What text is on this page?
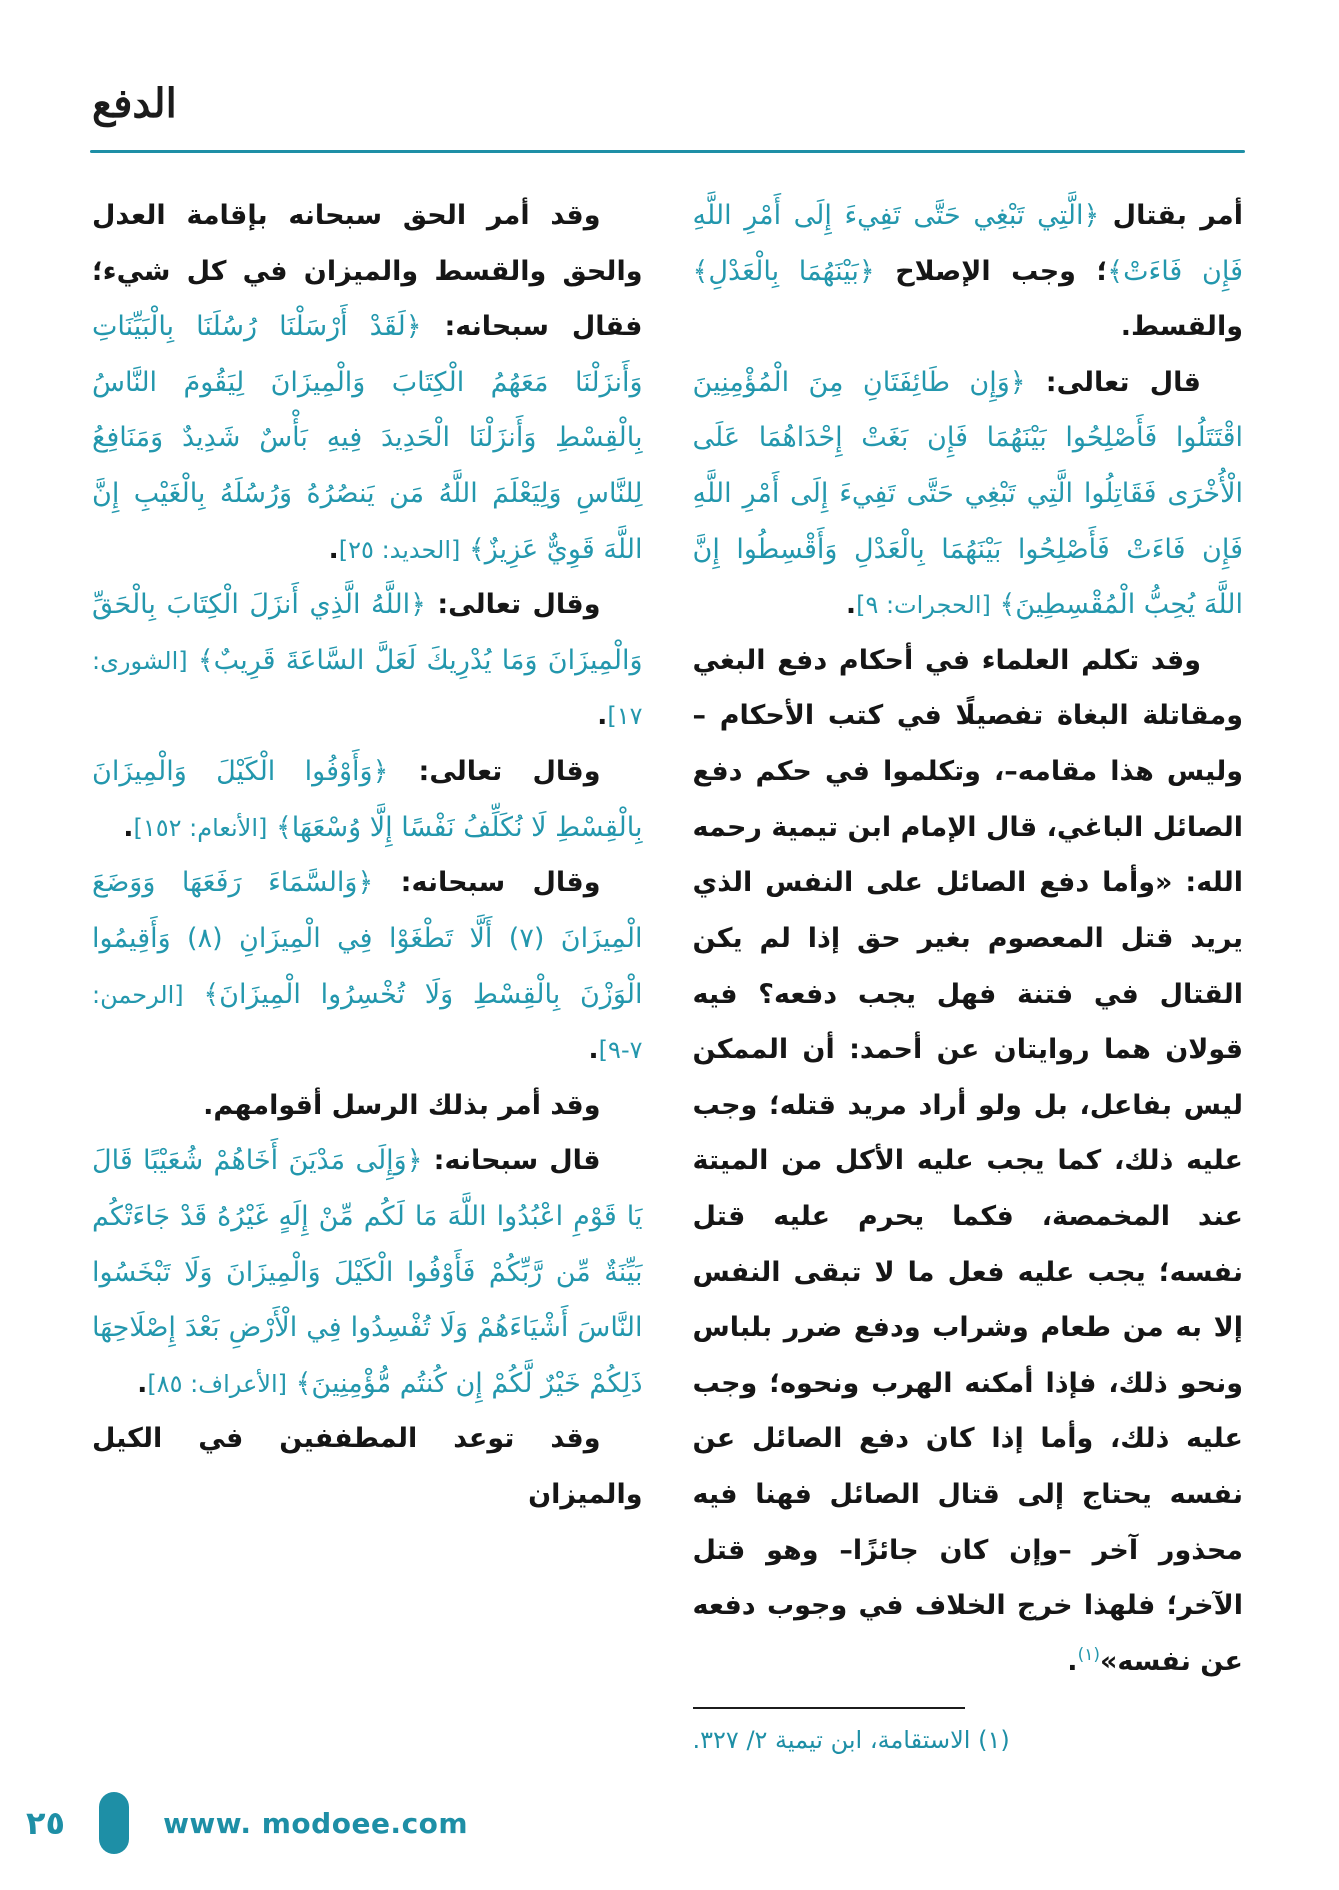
الدفع

أمر بقتال ﴿الَّتِي تَبْغِي حَتَّى تَفِيءَ إِلَى أَمْرِ اللَّهِ فَإِن فَاءَتْ﴾؛ وجب الإصلاح ﴿بَيْنَهُمَا بِالْعَدْلِ﴾ والقسط.

قال تعالى: ﴿وَإِن طَائِفَتَانِ مِنَ الْمُؤْمِنِينَ اقْتَتَلُوا فَأَصْلِحُوا بَيْنَهُمَا فَإِن بَغَتْ إِحْدَاهُمَا عَلَى الْأُخْرَى فَقَاتِلُوا الَّتِي تَبْغِي حَتَّى تَفِيءَ إِلَى أَمْرِ اللَّهِ فَإِن فَاءَتْ فَأَصْلِحُوا بَيْنَهُمَا بِالْعَدْلِ وَأَقْسِطُوا إِنَّ اللَّهَ يُحِبُّ الْمُقْسِطِينَ﴾ [الحجرات: ٩].

وقد تكلم العلماء في أحكام دفع البغي ومقاتلة البغاة تفصيلًا في كتب الأحكام –وليس هذا مقامه–، وتكلموا في حكم دفع الصائل الباغي، قال الإمام ابن تيمية رحمه الله: «وأما دفع الصائل على النفس الذي يريد قتل المعصوم بغير حق إذا لم يكن القتال في فتنة فهل يجب دفعه؟ فيه قولان هما روايتان عن أحمد: أن الممكن ليس بفاعل، بل ولو أراد مريد قتله؛ وجب عليه ذلك، كما يجب عليه الأكل من الميتة عند المخمصة، فكما يحرم عليه قتل نفسه؛ يجب عليه فعل ما لا تبقى النفس إلا به من طعام وشراب ودفع ضرر بلباس ونحو ذلك، فإذا أمكنه الهرب ونحوه؛ وجب عليه ذلك، وأما إذا كان دفع الصائل عن نفسه يحتاج إلى قتال الصائل فهنا فيه محذور آخر –وإن كان جائزًا– وهو قتل الآخر؛ فلهذا خرج الخلاف في وجوب دفعه عن نفسه»$^{(١)}$.

(١) الاستقامة، ابن تيمية ٢/ ٣٢٧.

وقد أمر الحق سبحانه بإقامة العدل والحق والقسط والميزان في كل شيء؛ فقال سبحانه: ﴿لَقَدْ أَرْسَلْنَا رُسُلَنَا بِالْبَيِّنَاتِ وَأَنزَلْنَا مَعَهُمُ الْكِتَابَ وَالْمِيزَانَ لِيَقُومَ النَّاسُ بِالْقِسْطِ وَأَنزَلْنَا الْحَدِيدَ فِيهِ بَأْسٌ شَدِيدٌ وَمَنَافِعُ لِلنَّاسِ وَلِيَعْلَمَ اللَّهُ مَن يَنصُرُهُ وَرُسُلَهُ بِالْغَيْبِ إِنَّ اللَّهَ قَوِيٌّ عَزِيزٌ﴾ [الحديد: ٢٥].

وقال تعالى: ﴿اللَّهُ الَّذِي أَنزَلَ الْكِتَابَ بِالْحَقِّ وَالْمِيزَانَ وَمَا يُدْرِيكَ لَعَلَّ السَّاعَةَ قَرِيبٌ﴾ [الشورى: ١٧].

وقال تعالى: ﴿وَأَوْفُوا الْكَيْلَ وَالْمِيزَانَ بِالْقِسْطِ لَا نُكَلِّفُ نَفْسًا إِلَّا وُسْعَهَا﴾ [الأنعام: ١٥٢].

وقال سبحانه: ﴿وَالسَّمَاءَ رَفَعَهَا وَوَضَعَ الْمِيزَانَ (٧) أَلَّا تَطْغَوْا فِي الْمِيزَانِ (٨) وَأَقِيمُوا الْوَزْنَ بِالْقِسْطِ وَلَا تُخْسِرُوا الْمِيزَانَ﴾ [الرحمن: ٧-٩].

وقد أمر بذلك الرسل أقوامهم.

قال سبحانه: ﴿وَإِلَى مَدْيَنَ أَخَاهُمْ شُعَيْبًا قَالَ يَا قَوْمِ اعْبُدُوا اللَّهَ مَا لَكُم مِّنْ إِلَهٍ غَيْرُهُ قَدْ جَاءَتْكُم بَيِّنَةٌ مِّن رَّبِّكُمْ فَأَوْفُوا الْكَيْلَ وَالْمِيزَانَ وَلَا تَبْخَسُوا النَّاسَ أَشْيَاءَهُمْ وَلَا تُفْسِدُوا فِي الْأَرْضِ بَعْدَ إِصْلَاحِهَا ذَلِكُمْ خَيْرٌ لَّكُمْ إِن كُنتُم مُّؤْمِنِينَ﴾ [الأعراف: ٨٥].

وقد توعد المطففين في الكيل والميزان

٢٥	www. modoee.com
